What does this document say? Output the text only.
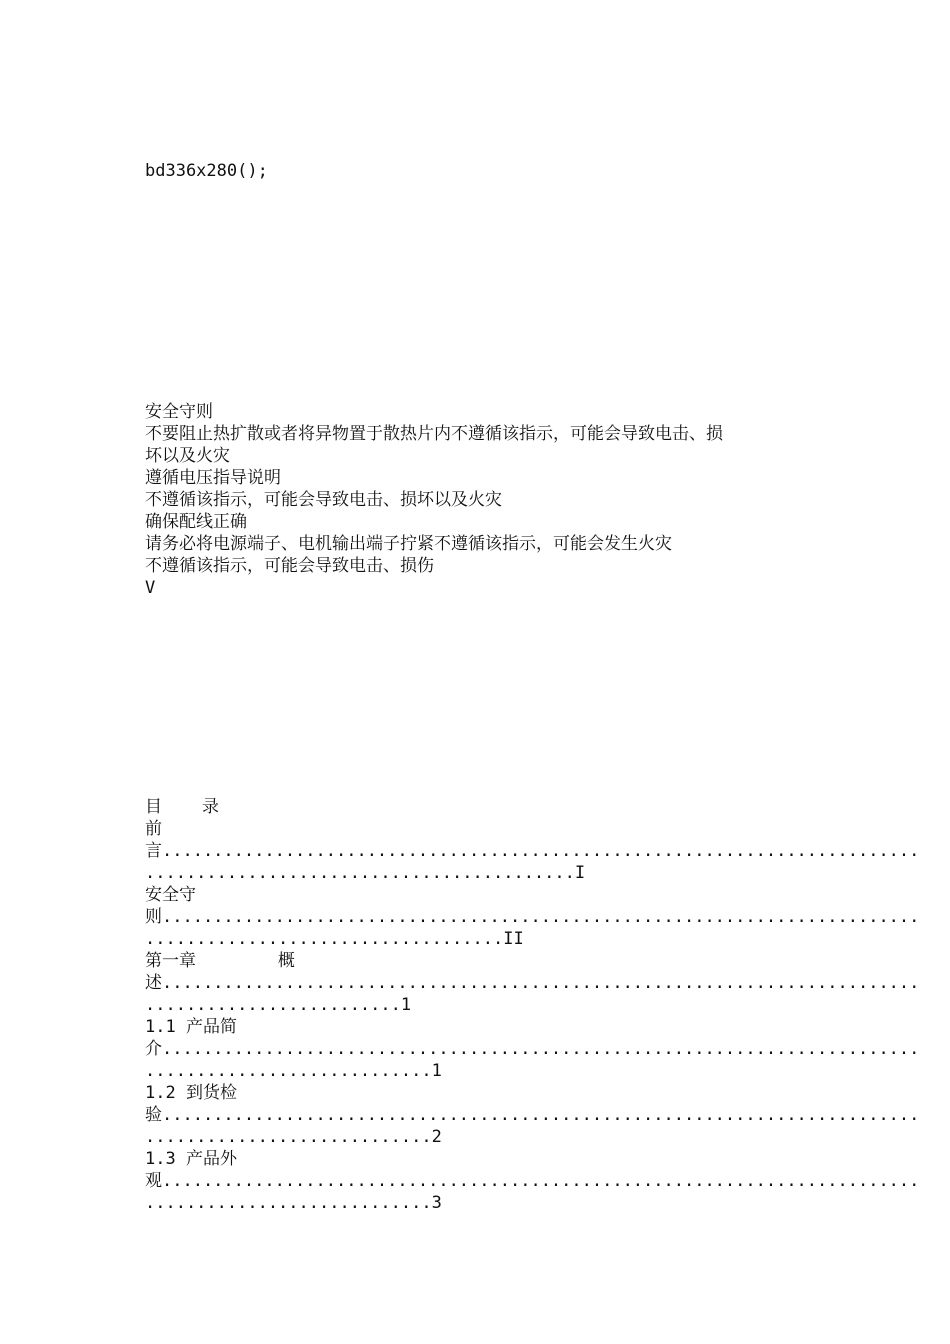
bd336x280();

安全守则

不要阻止热扩散或者将异物置于散热片内不遵循该指示，可能会导致电击、损

坏以及火灾

遵循电压指导说明

不遵循该指示，可能会导致电击、损坏以及火灾

确保配线正确

请务必将电源端子、电机输出端子拧紧不遵循该指示，可能会发生火灾

不遵循该指示，可能会导致电击、损伤

V

目 录

前

言..........................................................................

..........................................I

安全守

则..........................................................................

...................................II

第一章        概

述..........................................................................

.........................1

1.1 产品简

介..........................................................................

............................1

1.2 到货检

验..........................................................................

............................2

1.3 产品外

观..........................................................................

............................3
